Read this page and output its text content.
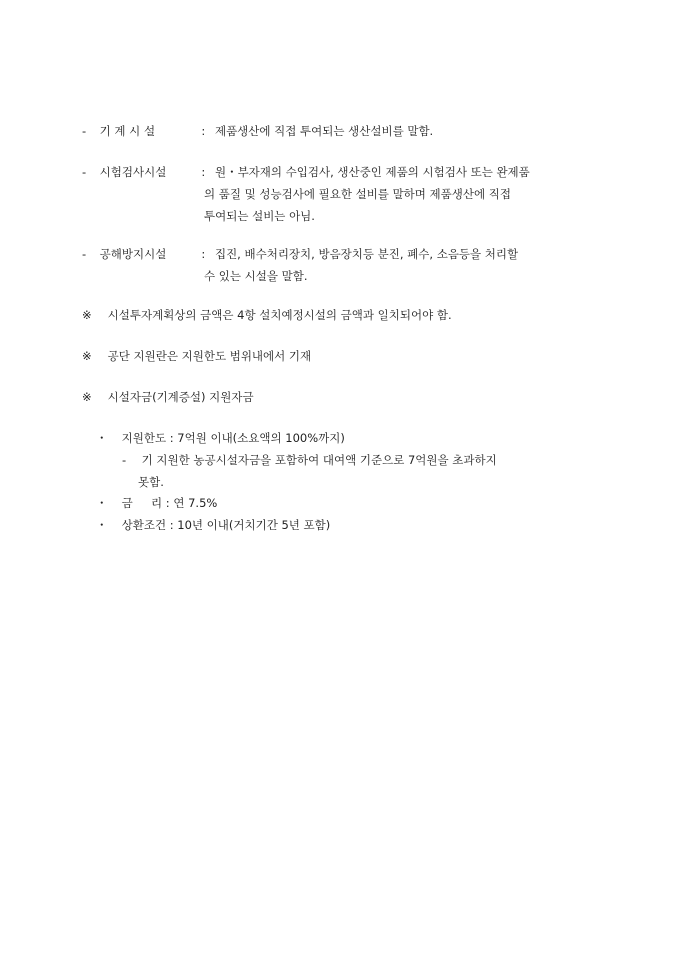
- 기 계 시 설	: 제품생산에 직접 투여되는 생산설비를 말함.
- 시험검사시설	: 원・부자재의 수입검사, 생산중인 제품의 시험검사 또는 완제품
의 품질 및 성능검사에 필요한 설비를 말하며 제품생산에 직접
투여되는 설비는 아님.
- 공해방지시설	: 집진, 배수처리장치, 방음장치등 분진, 폐수, 소음등을 처리할
수 있는 시설을 말함.
※ 시설투자계획상의 금액은 4항 설치예정시설의 금액과 일치되어야 함.
※ 공단 지원란은 지원한도 범위내에서 기재
※ 시설자금(기계증설) 지원자금
・ 지원한도 : 7억원 이내(소요액의 100%까지)
- 기 지원한 농공시설자금을 포함하여 대여액 기준으로 7억원을 초과하지
못함.
・ 금     리 : 연 7.5%
・ 상환조건 : 10년 이내(거치기간 5년 포함)
